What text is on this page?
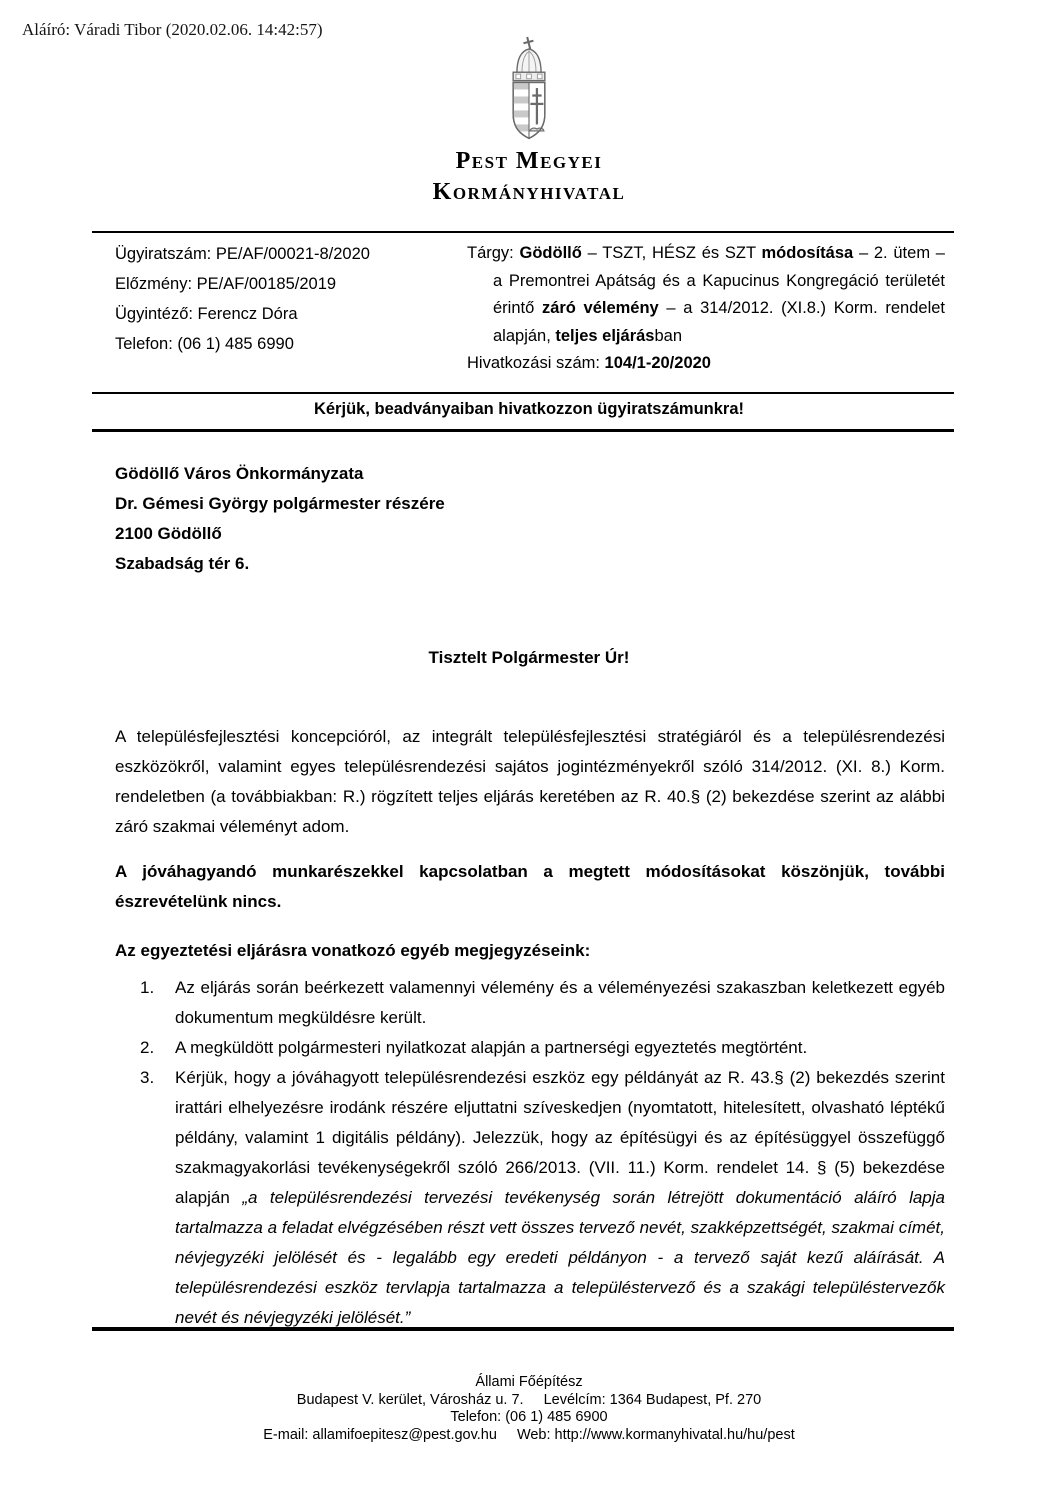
Aláíró: Váradi Tibor (2020.02.06. 14:42:57)
Pest Megyei
Kormányhivatal
Ügyiratszám: PE/AF/00021-8/2020
Előzmény: PE/AF/00185/2019
Ügyintéző: Ferencz Dóra
Telefon: (06 1) 485 6990

Tárgy: Gödöllő – TSZT, HÉSZ és SZT módosítása – 2. ütem – a Premontrei Apátság és a Kapucinus Kongregáció területét érintő záró vélemény – a 314/2012. (XI.8.) Korm. rendelet alapján, teljes eljárásban

Hivatkozási szám: 104/1-20/2020

Kérjük, beadványaiban hivatkozzon ügyiratszámunkra!
Gödöllő Város Önkormányzata
Dr. Gémesi György polgármester részére
2100 Gödöllő
Szabadság tér 6.
Tisztelt Polgármester Úr!
A településfejlesztési koncepcióról, az integrált településfejlesztési stratégiáról és a településrendezési eszközökről, valamint egyes településrendezési sajátos jogintézményekről szóló 314/2012. (XI. 8.) Korm. rendeletben (a továbbiakban: R.) rögzített teljes eljárás keretében az R. 40.§ (2) bekezdése szerint az alábbi záró szakmai véleményt adom.
A jóváhagyandó munkarészekkel kapcsolatban a megtett módosításokat köszönjük, további észrevételünk nincs.
Az egyeztetési eljárásra vonatkozó egyéb megjegyzéseink:
1.	Az eljárás során beérkezett valamennyi vélemény és a véleményezési szakaszban keletkezett egyéb dokumentum megküldésre került.
2.	A megküldött polgármesteri nyilatkozat alapján a partnerségi egyeztetés megtörtént.
3.	Kérjük, hogy a jóváhagyott településrendezési eszköz egy példányát az R. 43.§ (2) bekezdés szerint irattári elhelyezésre irodánk részére eljuttatni szíveskedjen (nyomtatott, hitelesített, olvasható léptékű példány, valamint 1 digitális példány). Jelezzük, hogy az építésügyi és az építésüggyel összefüggő szakmagyakorlási tevékenységekről szóló 266/2013. (VII. 11.) Korm. rendelet 14. § (5) bekezdése alapján „a településrendezési tervezési tevékenység során létrejött dokumentáció aláíró lapja tartalmazza a feladat elvégzésében részt vett összes tervező nevét, szakképzettségét, szakmai címét, névjegyzéki jelölését és - legalább egy eredeti példányon - a tervező saját kezű aláírását. A településrendezési eszköz tervlapja tartalmazza a településtervező és a szakági településtervezők nevét és névjegyzéki jelölését.”
Állami Főépítész
Budapest V. kerület, Városház u. 7. Levélcím: 1364 Budapest, Pf. 270
Telefon: (06 1) 485 6900
E-mail: allamifoepitesz@pest.gov.hu Web: http://www.kormanyhivatal.hu/hu/pest
